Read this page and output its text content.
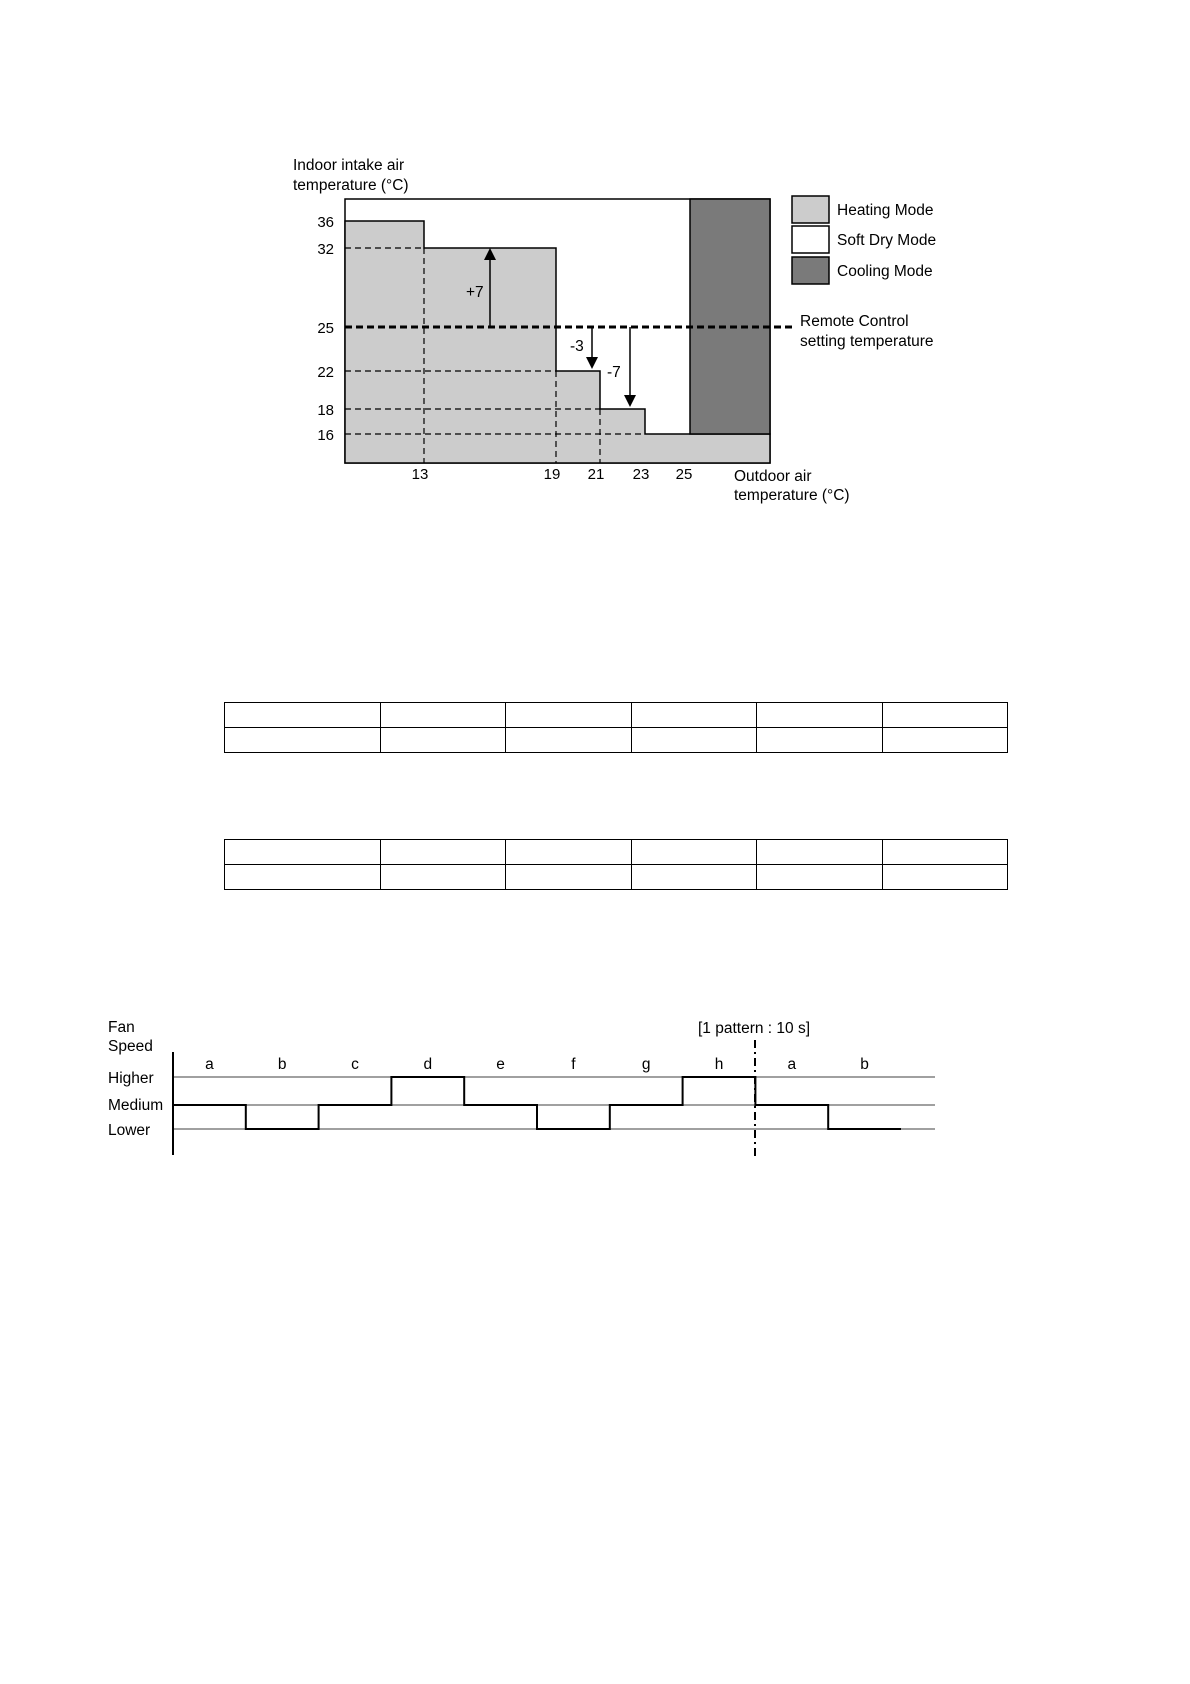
Indoor intake air
temperature (°C)
+7
-3
-7
36
32
25
22
18
16
13	19 21 23 25	Outdoor air
temperature (°C)
Heating Mode
Soft Dry Mode
Cooling Mode
Remote Control
setting temperature

Fan
Speed
Higher
Medium
Lower
[1 pattern : 10 s]
a	b	c	d	e	f	g	h	a	b
